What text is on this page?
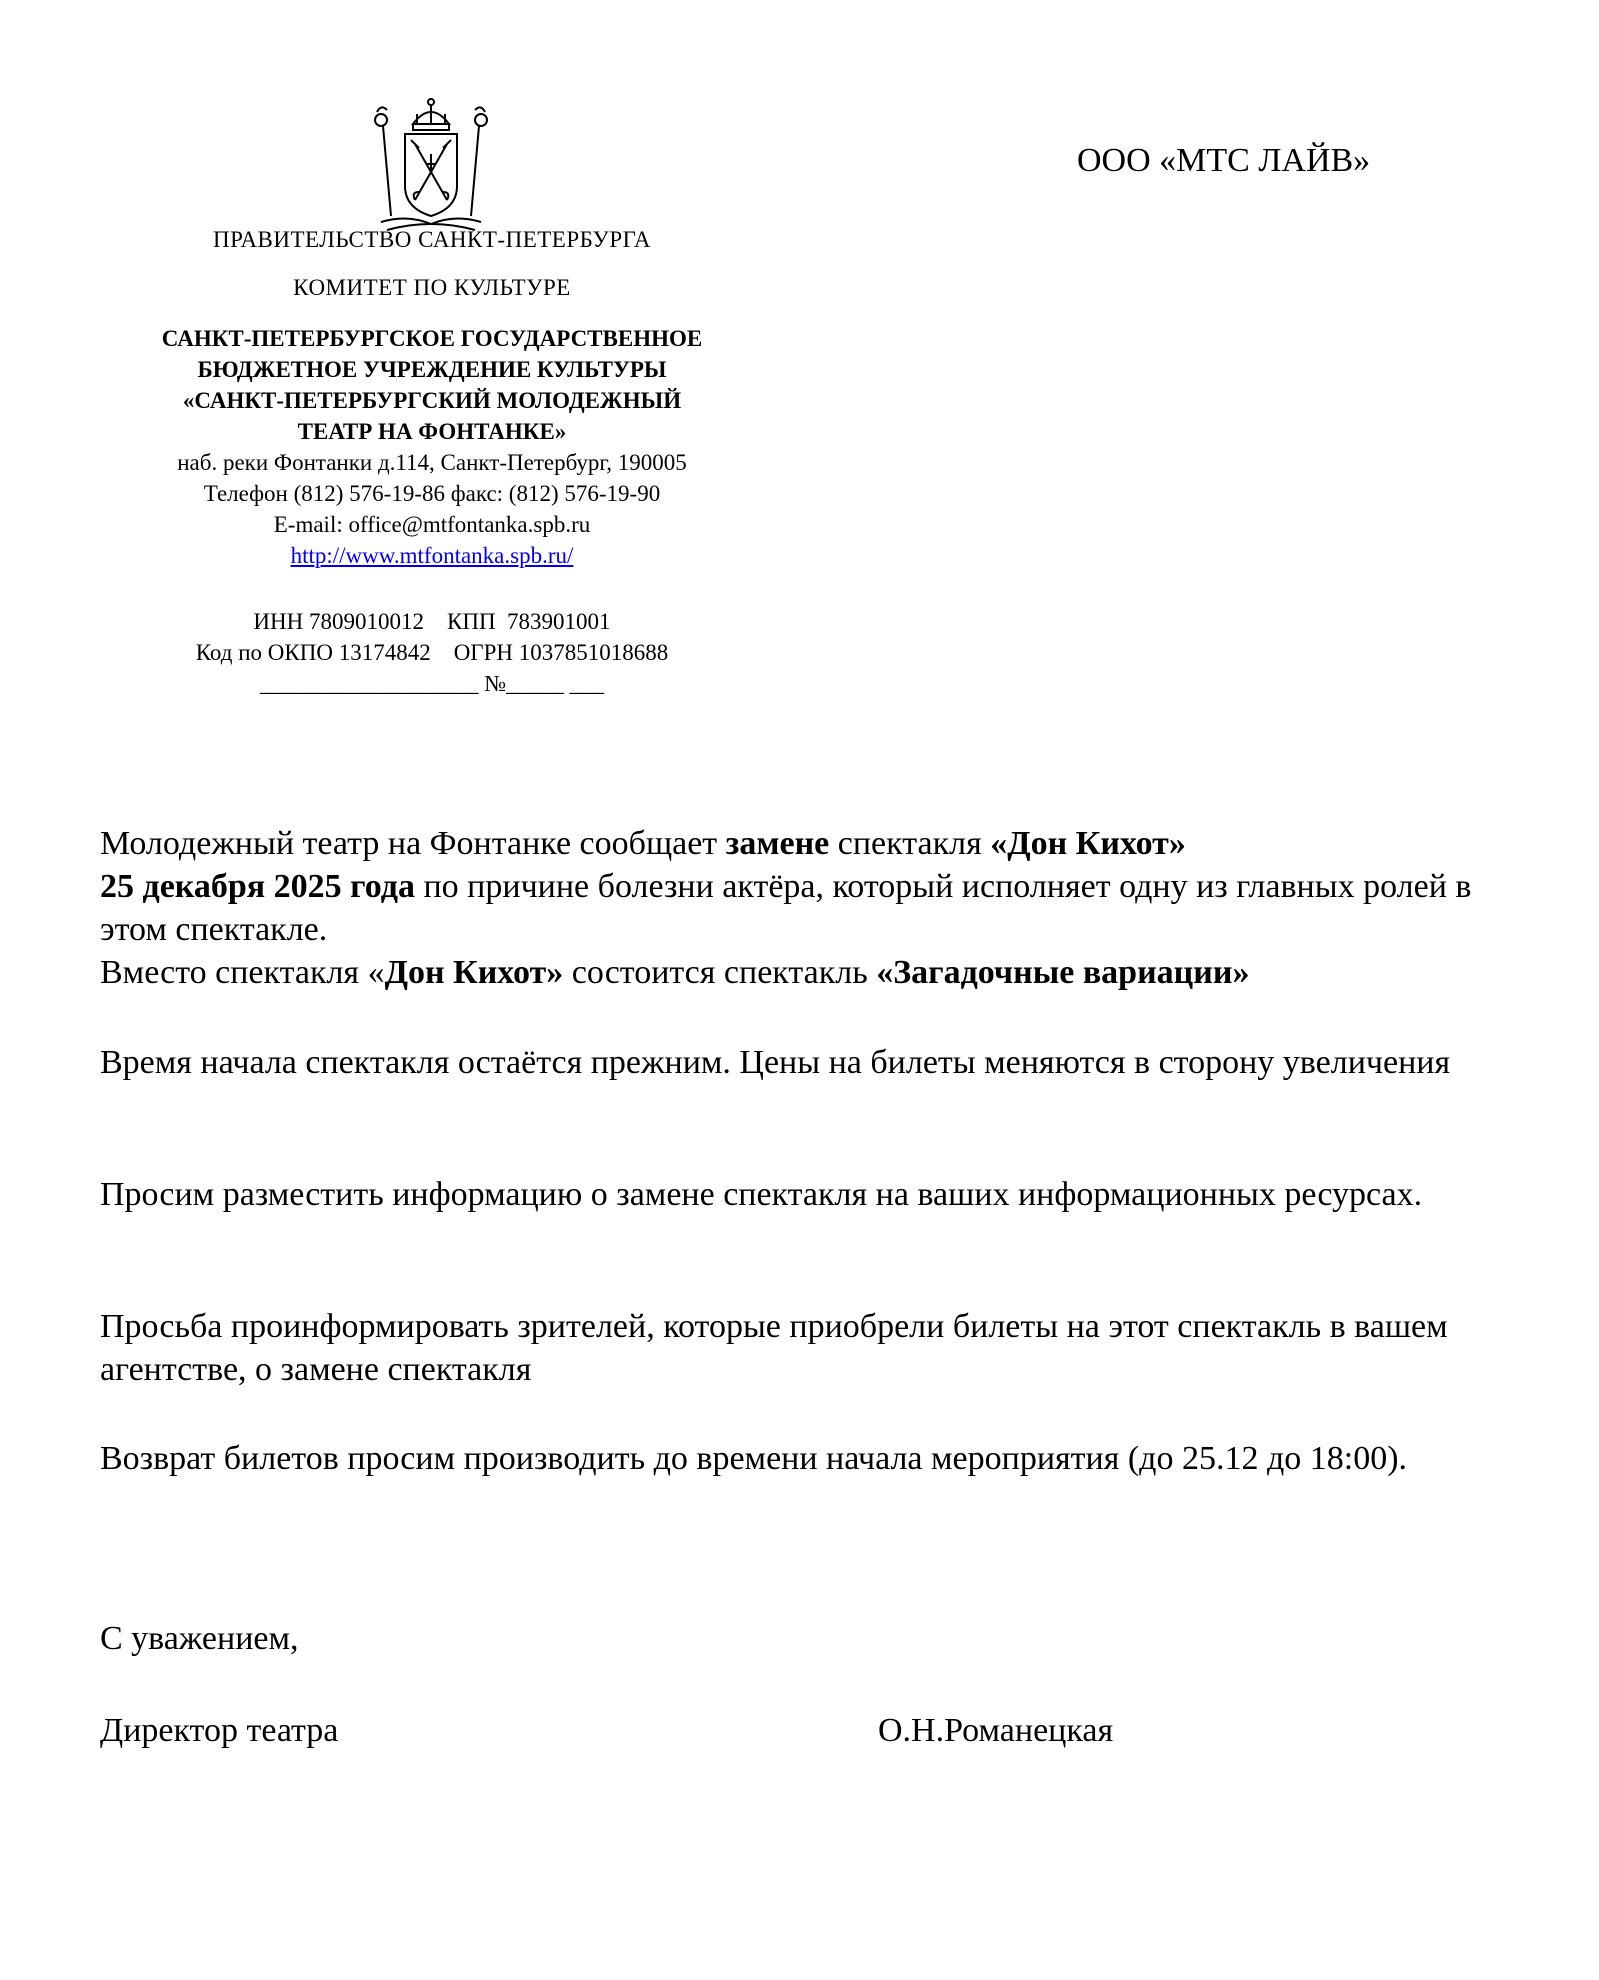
ПРАВИТЕЛЬСТВО САНКТ-ПЕТЕРБУРГА
КОМИТЕТ ПО КУЛЬТУРЕ
САНКТ-ПЕТЕРБУРГСКОЕ ГОСУДАРСТВЕННОЕ
БЮДЖЕТНОЕ УЧРЕЖДЕНИЕ КУЛЬТУРЫ
«САНКТ-ПЕТЕРБУРГСКИЙ МОЛОДЕЖНЫЙ
ТЕАТР НА ФОНТАНКЕ»
наб. реки Фонтанки д.114, Санкт-Петербург, 190005
Телефон (812) 576-19-86 факс: (812) 576-19-90
E-mail: office@mtfontanka.spb.ru
http://www.mtfontanka.spb.ru/
ИНН 7809010012    КПП  783901001
Код по ОКПО 13174842    ОГРН 1037851018688
___________________ №_____ ___
ООО «МТС ЛАЙВ»

Молодежный театр на Фонтанке сообщает замене спектакля «Дон Кихот»
25 декабря 2025 года по причине болезни актёра, который исполняет одну из главных ролей в этом спектакле.

Вместо спектакля «Дон Кихот» состоится спектакль «Загадочные вариации»

Время начала спектакля остаётся прежним. Цены на билеты меняются в сторону увеличения
Просим разместить информацию о замене спектакля на ваших информационных ресурсах.
Просьба проинформировать зрителей, которые приобрели билеты на этот спектакль в вашем агентстве, о замене спектакля
Возврат билетов просим производить до времени начала мероприятия (до 25.12 до 18:00).
С уважением,
Директор театра	О.Н.Романецкая
